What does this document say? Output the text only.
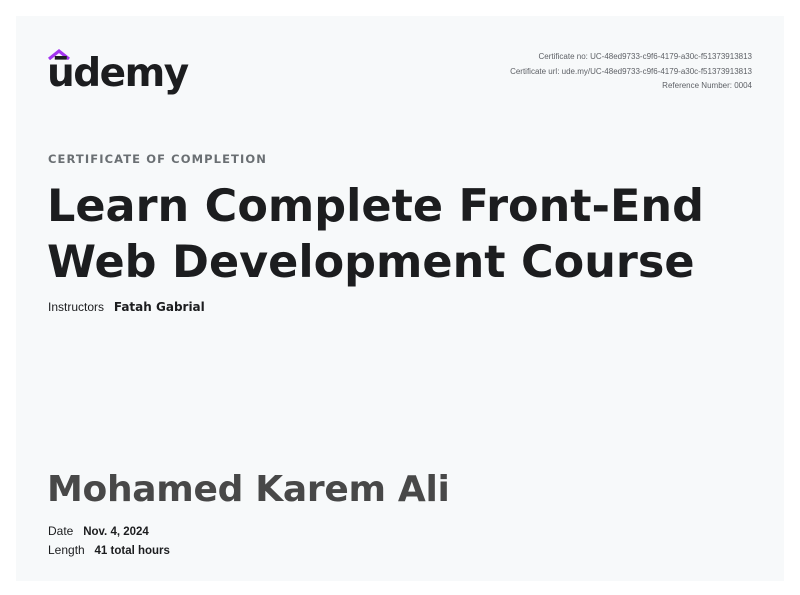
ūdemy	Certificate no: UC-48ed9733-c9f6-4179-a30c-f51373913813
Certificate url: ude.my/UC-48ed9733-c9f6-4179-a30c-f51373913813
Reference Number: 0004
CERTIFICATE OF COMPLETION
Learn Complete Front-End
Web Development Course
Instructors Fatah Gabrial
Mohamed Karem Ali
Date Nov. 4, 2024
Length 41 total hours
